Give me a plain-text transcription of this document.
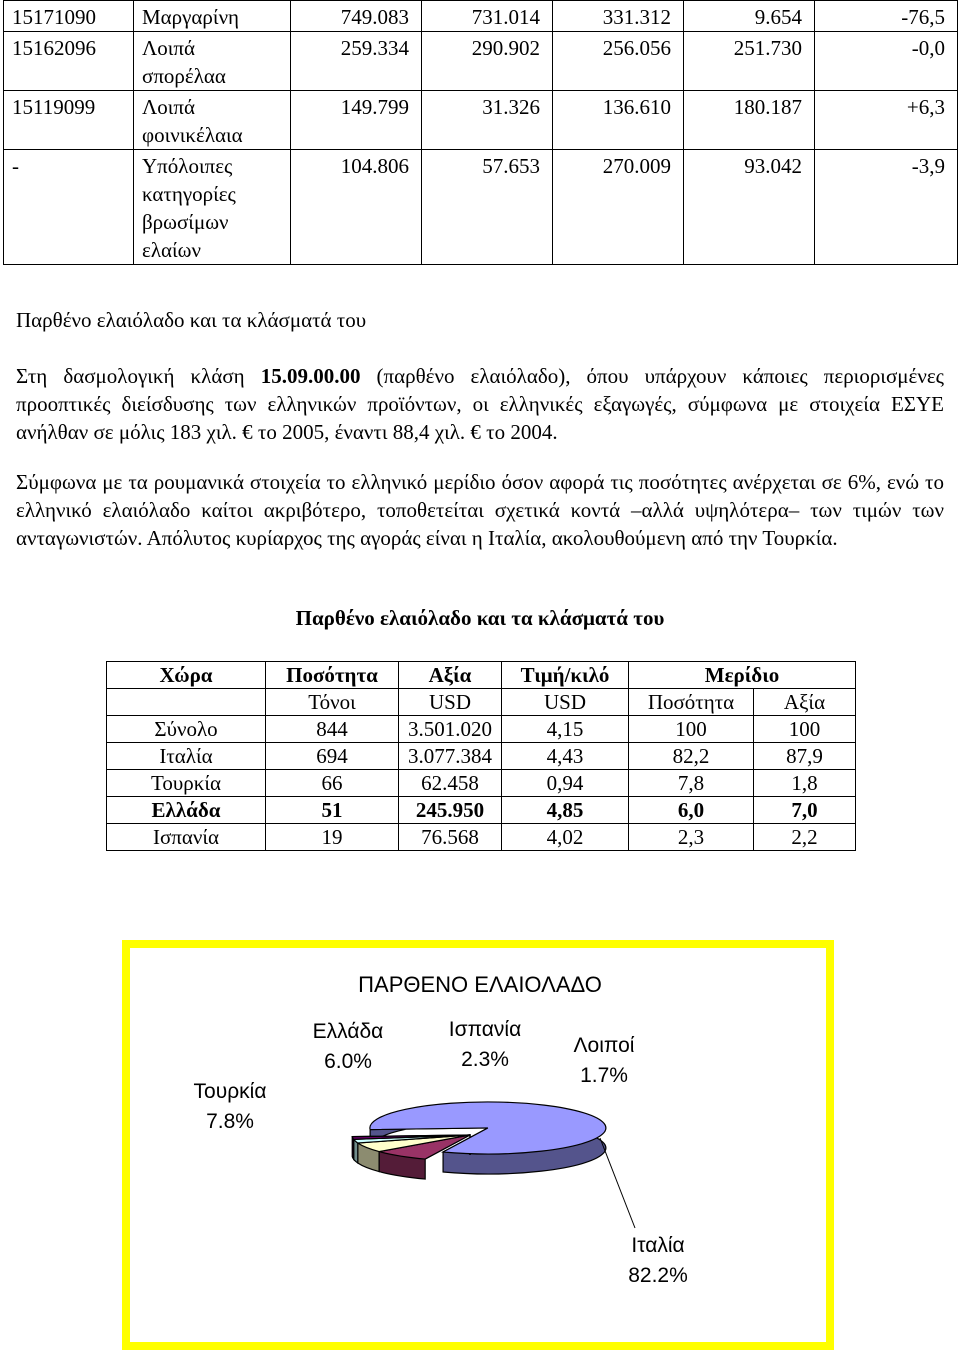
15171090	Μαργαρίνη	749.083	731.014	331.312	9.654	-76,5
15162096	Λοιπά σπορέλαα	259.334	290.902	256.056	251.730	-0,0
15119099	Λοιπά φοινικέλαια	149.799	31.326	136.610	180.187	+6,3
-	Υπόλοιπες κατηγορίες βρωσίμων ελαίων	104.806	57.653	270.009	93.042	-3,9
Παρθένο ελαιόλαδο και τα κλάσματά του
Στη δασμολογική κλάση 15.09.00.00 (παρθένο ελαιόλαδο), όπου υπάρχουν κάποιες περιορισμένες προοπτικές διείσδυσης των ελληνικών προϊόντων, οι ελληνικές εξαγωγές, σύμφωνα με στοιχεία ΕΣΥΕ ανήλθαν σε μόλις 183 χιλ. € το 2005, έναντι 88,4 χιλ. € το 2004.
Σύμφωνα με τα ρουμανικά στοιχεία το ελληνικό μερίδιο όσον αφορά τις ποσότητες ανέρχεται σε 6%, ενώ το ελληνικό ελαιόλαδο καίτοι ακριβότερο, τοποθετείται σχετικά κοντά –αλλά υψηλότερα– των τιμών των ανταγωνιστών. Απόλυτος κυρίαρχος της αγοράς είναι η Ιταλία, ακολουθούμενη από την Τουρκία.
Παρθένο ελαιόλαδο και τα κλάσματά του
Χώρα	Ποσότητα	Αξία	Τιμή/κιλό	Μερίδιο	
	Τόνοι	USD	USD	Ποσότητα	Αξία
Σύνολο	844	3.501.020	4,15	100	100
Ιταλία	694	3.077.384	4,43	82,2	87,9
Τουρκία	66	62.458	0,94	7,8	1,8
Ελλάδα	51	245.950	4,85	6,0	7,0
Ισπανία	19	76.568	4,02	2,3	2,2
ΠΑΡΘΕΝΟ ΕΛΑΙΟΛΑΔΟ
Ιταλία
82.2%
Τουρκία
7.8%
Ελλάδα
6.0%
Ισπανία
2.3%
Λοιποί
1.7%
